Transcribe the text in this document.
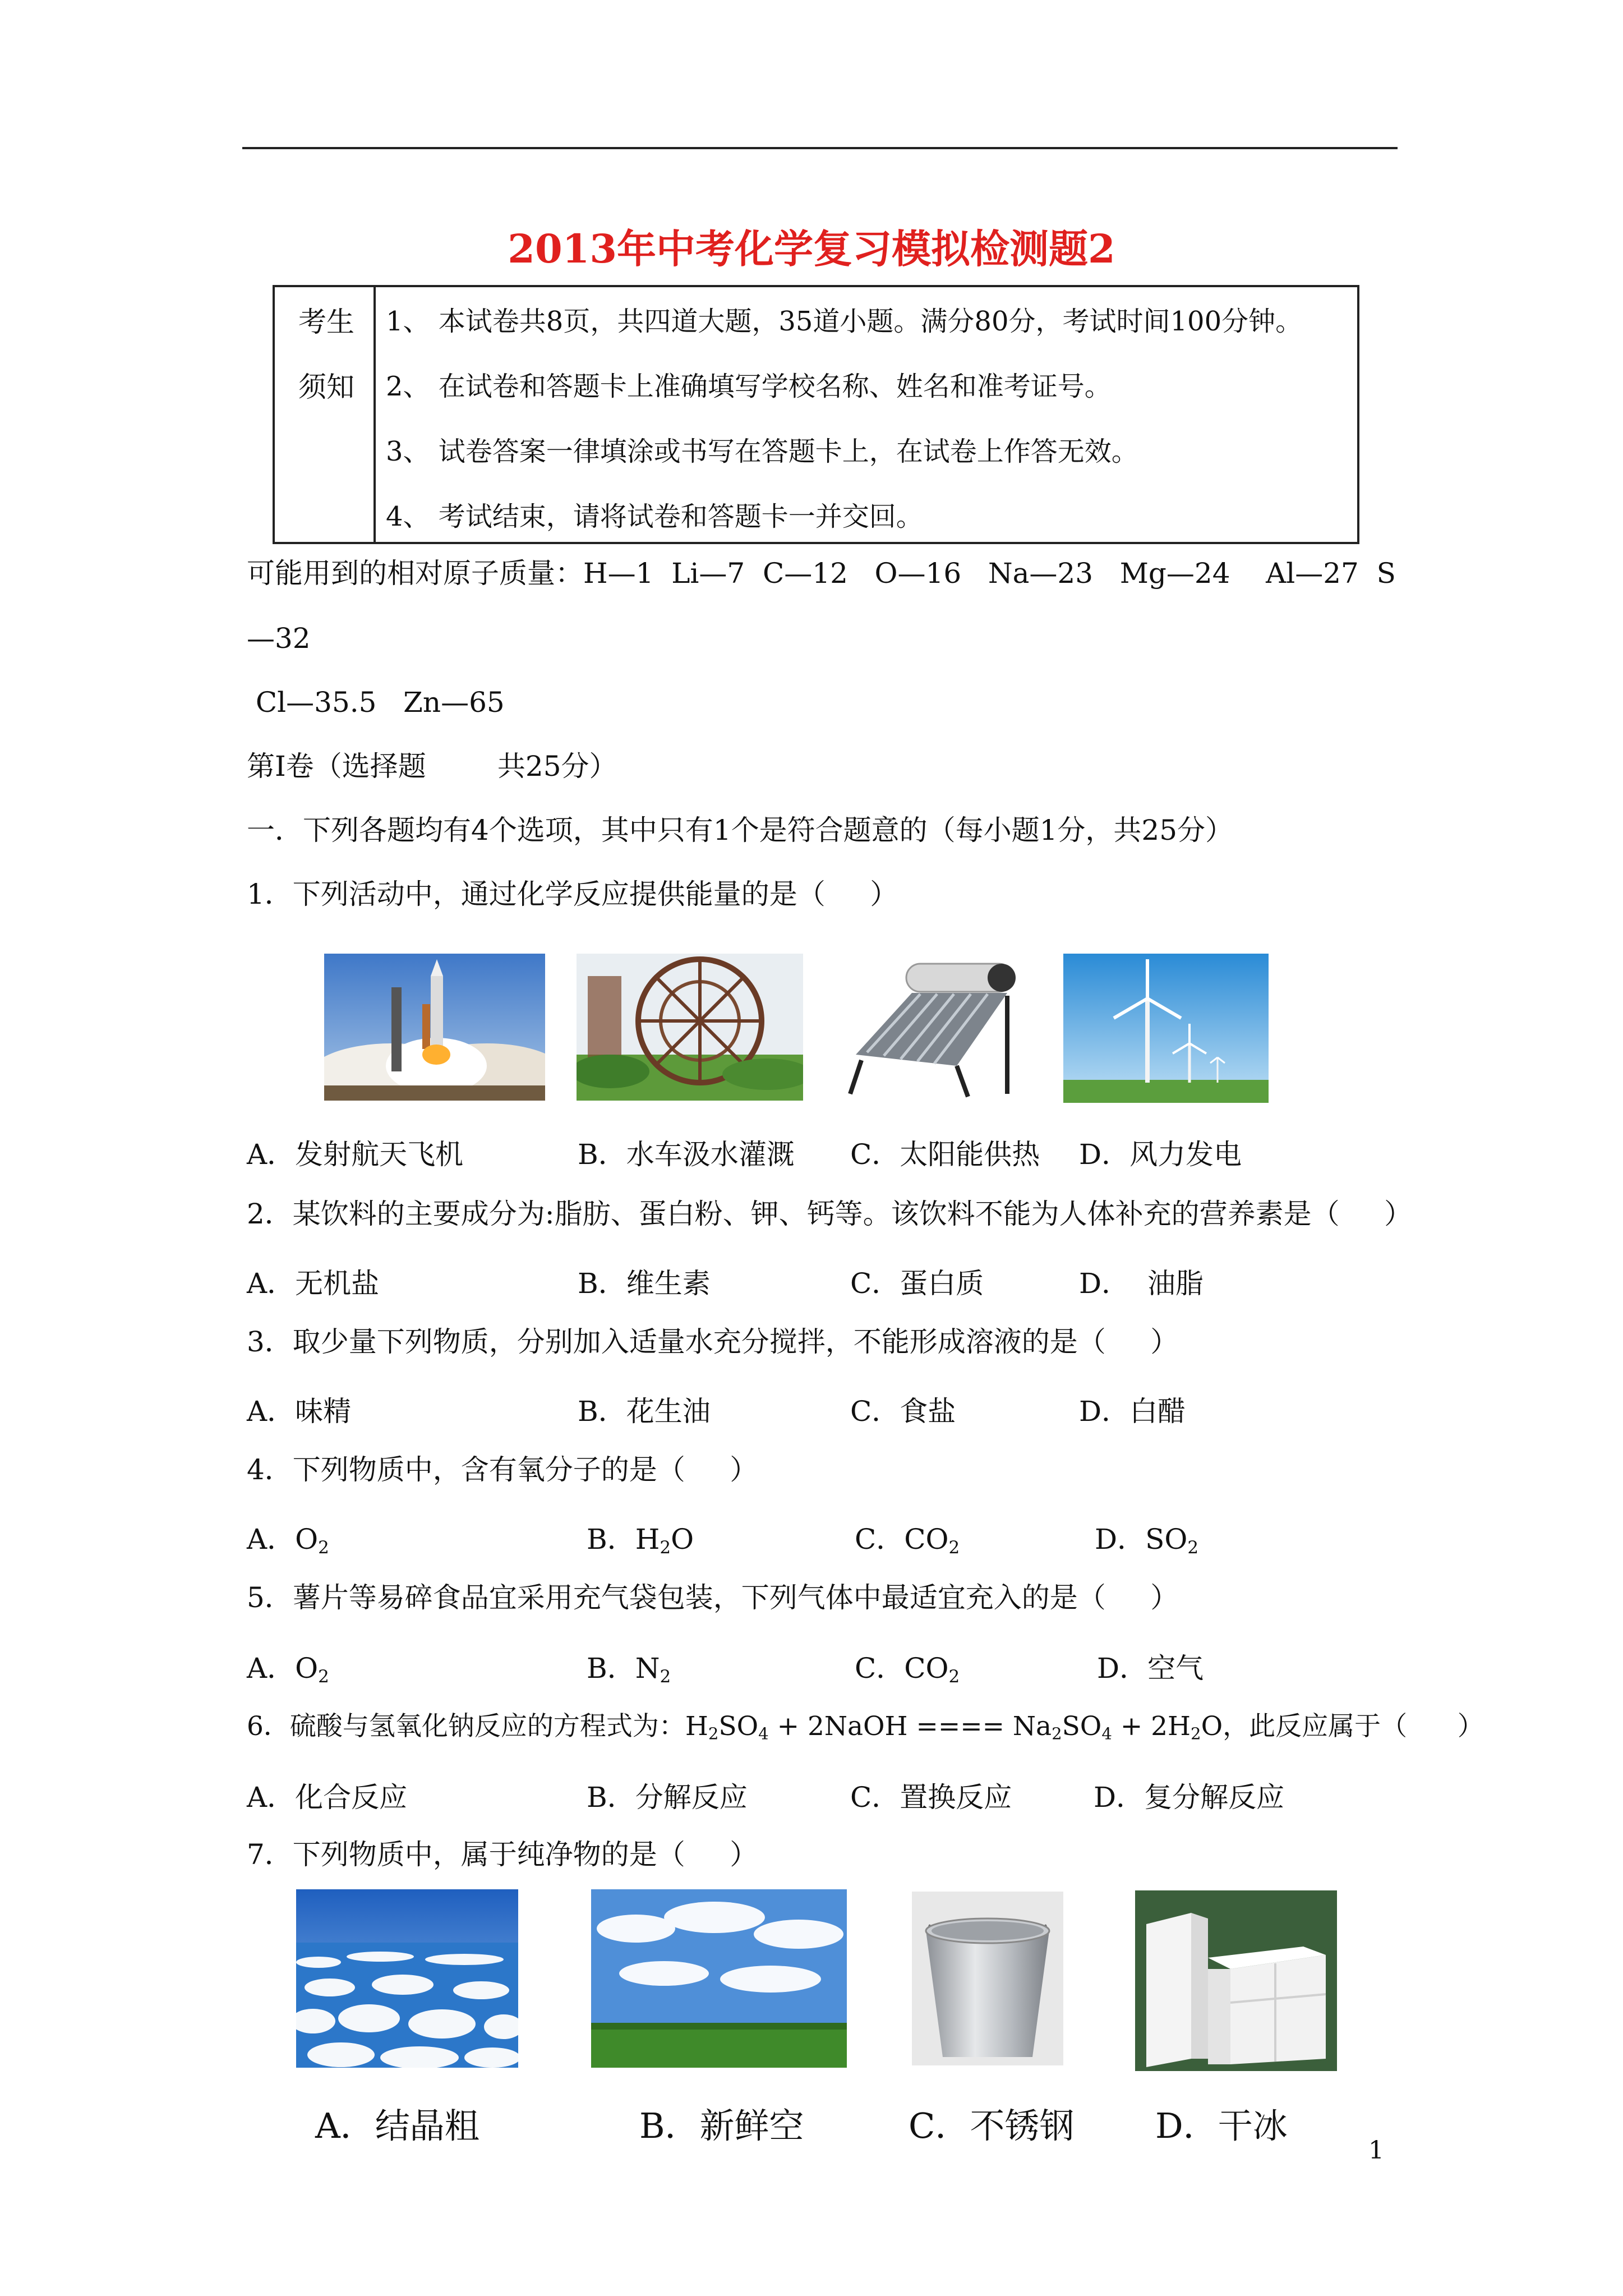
2013年中考化学复习模拟检测题2
考生
须知
1、 本试卷共8页，共四道大题，35道小题。满分80分，考试时间100分钟。
2、 在试卷和答题卡上准确填写学校名称、姓名和准考证号。
3、 试卷答案一律填涂或书写在答题卡上，在试卷上作答无效。
4、 考试结束，请将试卷和答题卡一并交回。
可能用到的相对原子质量：H—1  Li—7  C—12   O—16   Na—23   Mg—24    Al—27  S
—32
Cl—35.5   Zn—65
第Ⅰ卷（选择题        共25分）
一．下列各题均有4个选项，其中只有1个是符合题意的（每小题1分，共25分）
1．下列活动中，通过化学反应提供能量的是（     ）
A．发射航天飞机	B．水车汲水灌溉 C．太阳能供热 D．风力发电
2．某饮料的主要成分为:脂肪、蛋白粉、钾、钙等。该饮料不能为人体补充的营养素是（     ）
A．无机盐	B．维生素	C．蛋白质	D．  油脂
3．取少量下列物质，分别加入适量水充分搅拌，不能形成溶液的是（     ）
A．味精	B．花生油	C．食盐	D．白醋
4．下列物质中，含有氧分子的是（     ）
A．$O_2$	B．$H_2O$	C．$CO_2$	D．$SO_2$
5．薯片等易碎食品宜采用充气袋包装，下列气体中最适宜充入的是（     ）
A．$O_2$	B．$N_2$	C．$CO_2$	D．空气
6．硫酸与氢氧化钠反应的方程式为：$H_2SO_4$ + 2NaOH ==== $Na_2SO_4 + 2H_2O$，此反应属于（      ）
A．化合反应	B．分解反应	C．置换反应	D．复分解反应
7．下列物质中，属于纯净物的是（     ）
A．结晶粗	B．新鲜空	C．不锈钢 D．干冰
1
